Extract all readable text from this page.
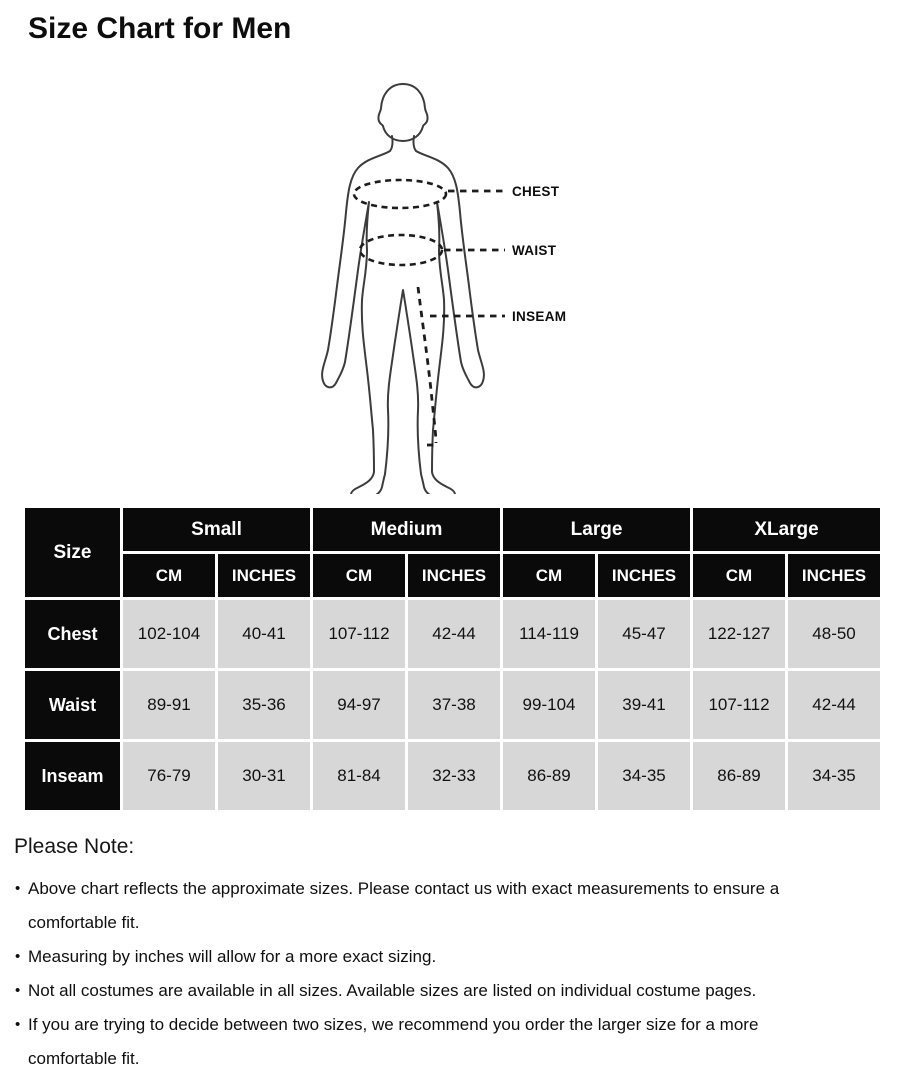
Size Chart for Men
CHEST
WAIST
INSEAM
Size	Small		Medium		Large		XLarge	
	CM	INCHES	CM	INCHES	CM	INCHES	CM	INCHES
Chest	102-104	40-41	107-112	42-44	114-119	45-47	122-127	48-50
Waist	89-91	35-36	94-97	37-38	99-104	39-41	107-112	42-44
Inseam	76-79	30-31	81-84	32-33	86-89	34-35	86-89	34-35
Please Note:
• Above chart reflects the approximate sizes. Please contact us with exact measurements to ensure a comfortable fit.
• Measuring by inches will allow for a more exact sizing.
• Not all costumes are available in all sizes. Available sizes are listed on individual costume pages.
• If you are trying to decide between two sizes, we recommend you order the larger size for a more comfortable fit.
